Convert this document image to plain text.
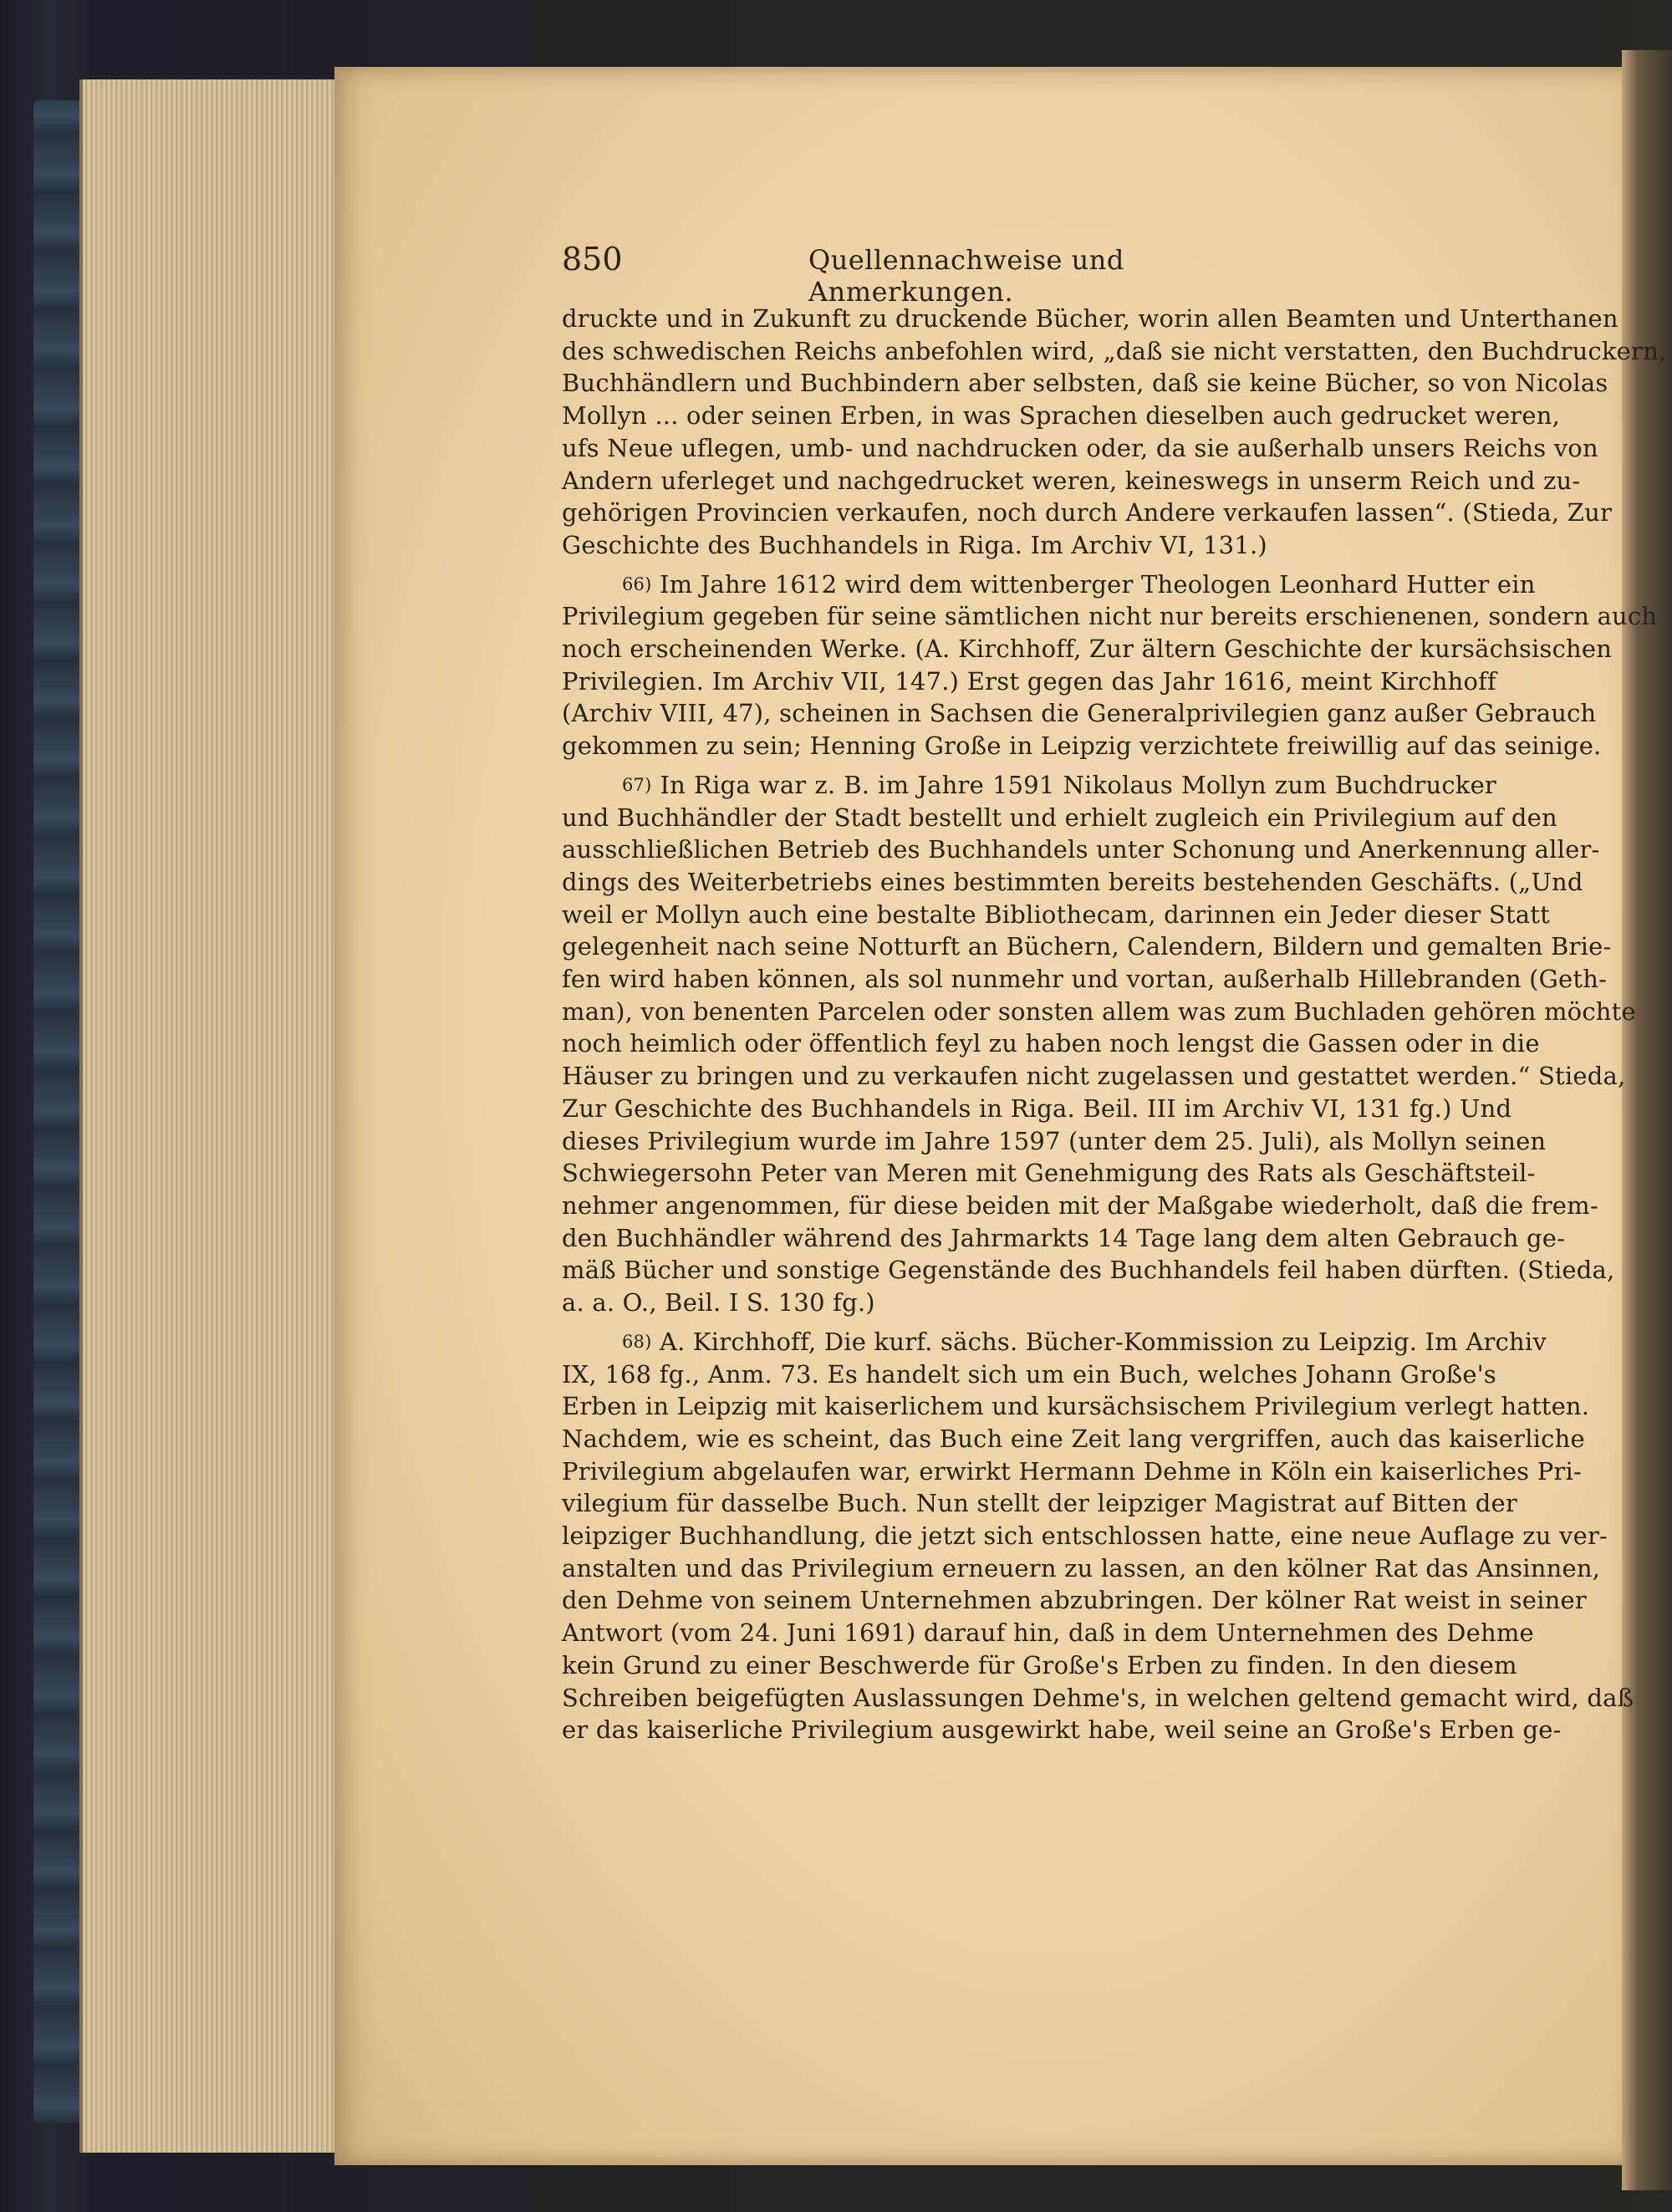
850	Quellennachweise und Anmerkungen.
druckte und in Zukunft zu druckende Bücher, worin allen Beamten und Unterthanen
des schwedischen Reichs anbefohlen wird, „daß sie nicht verstatten, den Buchdruckern,
Buchhändlern und Buchbindern aber selbsten, daß sie keine Bücher, so von Nicolas
Mollyn ... oder seinen Erben, in was Sprachen dieselben auch gedrucket weren,
ufs Neue uflegen, umb- und nachdrucken oder, da sie außerhalb unsers Reichs von
Andern uferleget und nachgedrucket weren, keineswegs in unserm Reich und zu-
gehörigen Provincien verkaufen, noch durch Andere verkaufen lassen“. (Stieda, Zur
Geschichte des Buchhandels in Riga. Im Archiv VI, 131.)
66) Im Jahre 1612 wird dem wittenberger Theologen Leonhard Hutter ein
Privilegium gegeben für seine sämtlichen nicht nur bereits erschienenen, sondern auch
noch erscheinenden Werke. (A. Kirchhoff, Zur ältern Geschichte der kursächsischen
Privilegien. Im Archiv VII, 147.) Erst gegen das Jahr 1616, meint Kirchhoff
(Archiv VIII, 47), scheinen in Sachsen die Generalprivilegien ganz außer Gebrauch
gekommen zu sein; Henning Große in Leipzig verzichtete freiwillig auf das seinige.
67) In Riga war z. B. im Jahre 1591 Nikolaus Mollyn zum Buchdrucker
und Buchhändler der Stadt bestellt und erhielt zugleich ein Privilegium auf den
ausschließlichen Betrieb des Buchhandels unter Schonung und Anerkennung aller-
dings des Weiterbetriebs eines bestimmten bereits bestehenden Geschäfts. („Und
weil er Mollyn auch eine bestalte Bibliothecam, darinnen ein Jeder dieser Statt
gelegenheit nach seine Notturft an Büchern, Calendern, Bildern und gemalten Brie-
fen wird haben können, als sol nunmehr und vortan, außerhalb Hillebranden (Geth-
man), von benenten Parcelen oder sonsten allem was zum Buchladen gehören möchte
noch heimlich oder öffentlich feyl zu haben noch lengst die Gassen oder in die
Häuser zu bringen und zu verkaufen nicht zugelassen und gestattet werden.“ Stieda,
Zur Geschichte des Buchhandels in Riga. Beil. III im Archiv VI, 131 fg.) Und
dieses Privilegium wurde im Jahre 1597 (unter dem 25. Juli), als Mollyn seinen
Schwiegersohn Peter van Meren mit Genehmigung des Rats als Geschäftsteil-
nehmer angenommen, für diese beiden mit der Maßgabe wiederholt, daß die frem-
den Buchhändler während des Jahrmarkts 14 Tage lang dem alten Gebrauch ge-
mäß Bücher und sonstige Gegenstände des Buchhandels feil haben dürften. (Stieda,
a. a. O., Beil. I S. 130 fg.)
68) A. Kirchhoff, Die kurf. sächs. Bücher-Kommission zu Leipzig. Im Archiv
IX, 168 fg., Anm. 73. Es handelt sich um ein Buch, welches Johann Große's
Erben in Leipzig mit kaiserlichem und kursächsischem Privilegium verlegt hatten.
Nachdem, wie es scheint, das Buch eine Zeit lang vergriffen, auch das kaiserliche
Privilegium abgelaufen war, erwirkt Hermann Dehme in Köln ein kaiserliches Pri-
vilegium für dasselbe Buch. Nun stellt der leipziger Magistrat auf Bitten der
leipziger Buchhandlung, die jetzt sich entschlossen hatte, eine neue Auflage zu ver-
anstalten und das Privilegium erneuern zu lassen, an den kölner Rat das Ansinnen,
den Dehme von seinem Unternehmen abzubringen. Der kölner Rat weist in seiner
Antwort (vom 24. Juni 1691) darauf hin, daß in dem Unternehmen des Dehme
kein Grund zu einer Beschwerde für Große's Erben zu finden. In den diesem
Schreiben beigefügten Auslassungen Dehme's, in welchen geltend gemacht wird, daß
er das kaiserliche Privilegium ausgewirkt habe, weil seine an Große's Erben ge-
